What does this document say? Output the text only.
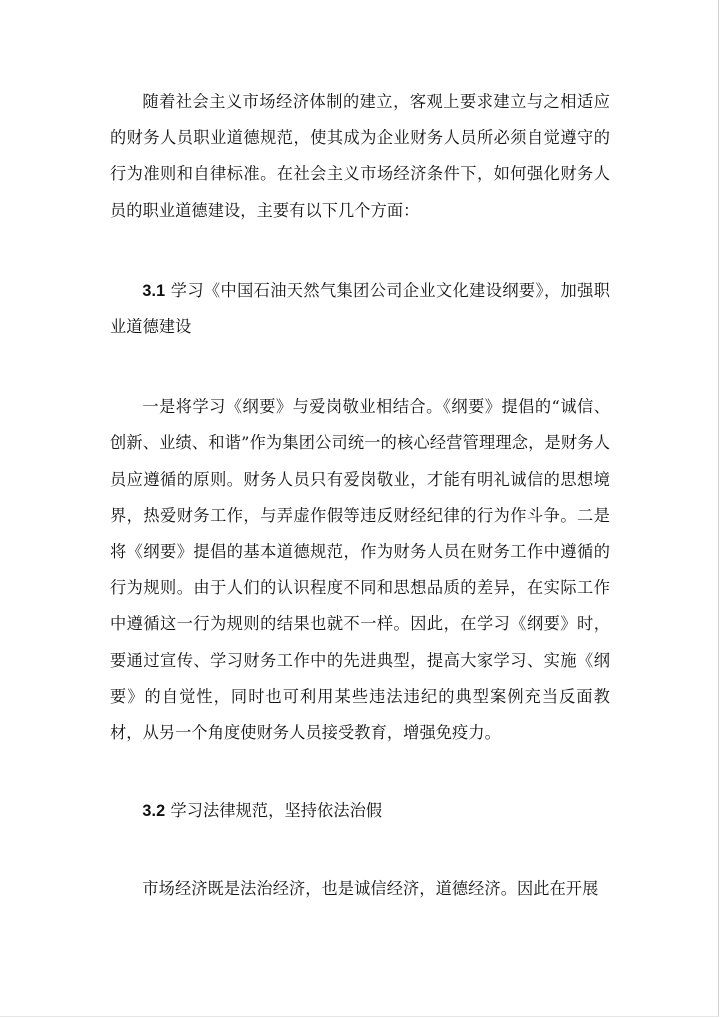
随着社会主义市场经济体制的建立，客观上要求建立与之相适应的财务人员职业道德规范，使其成为企业财务人员所必须自觉遵守的行为准则和自律标准。在社会主义市场经济条件下，如何强化财务人员的职业道德建设，主要有以下几个方面：

3.1 学习《中国石油天然气集团公司企业文化建设纲要》，加强职业道德建设

一是将学习《纲要》与爱岗敬业相结合。《纲要》提倡的“诚信、创新、业绩、和谐”作为集团公司统一的核心经营管理理念，是财务人员应遵循的原则。财务人员只有爱岗敬业，才能有明礼诚信的思想境界，热爱财务工作，与弄虚作假等违反财经纪律的行为作斗争。二是将《纲要》提倡的基本道德规范，作为财务人员在财务工作中遵循的行为规则。由于人们的认识程度不同和思想品质的差异，在实际工作中遵循这一行为规则的结果也就不一样。因此，在学习《纲要》时，要通过宣传、学习财务工作中的先进典型，提高大家学习、实施《纲要》的自觉性，同时也可利用某些违法违纪的典型案例充当反面教材，从另一个角度使财务人员接受教育，增强免疫力。

3.2 学习法律规范，坚持依法治假

市场经济既是法治经济，也是诚信经济，道德经济。因此在开展
